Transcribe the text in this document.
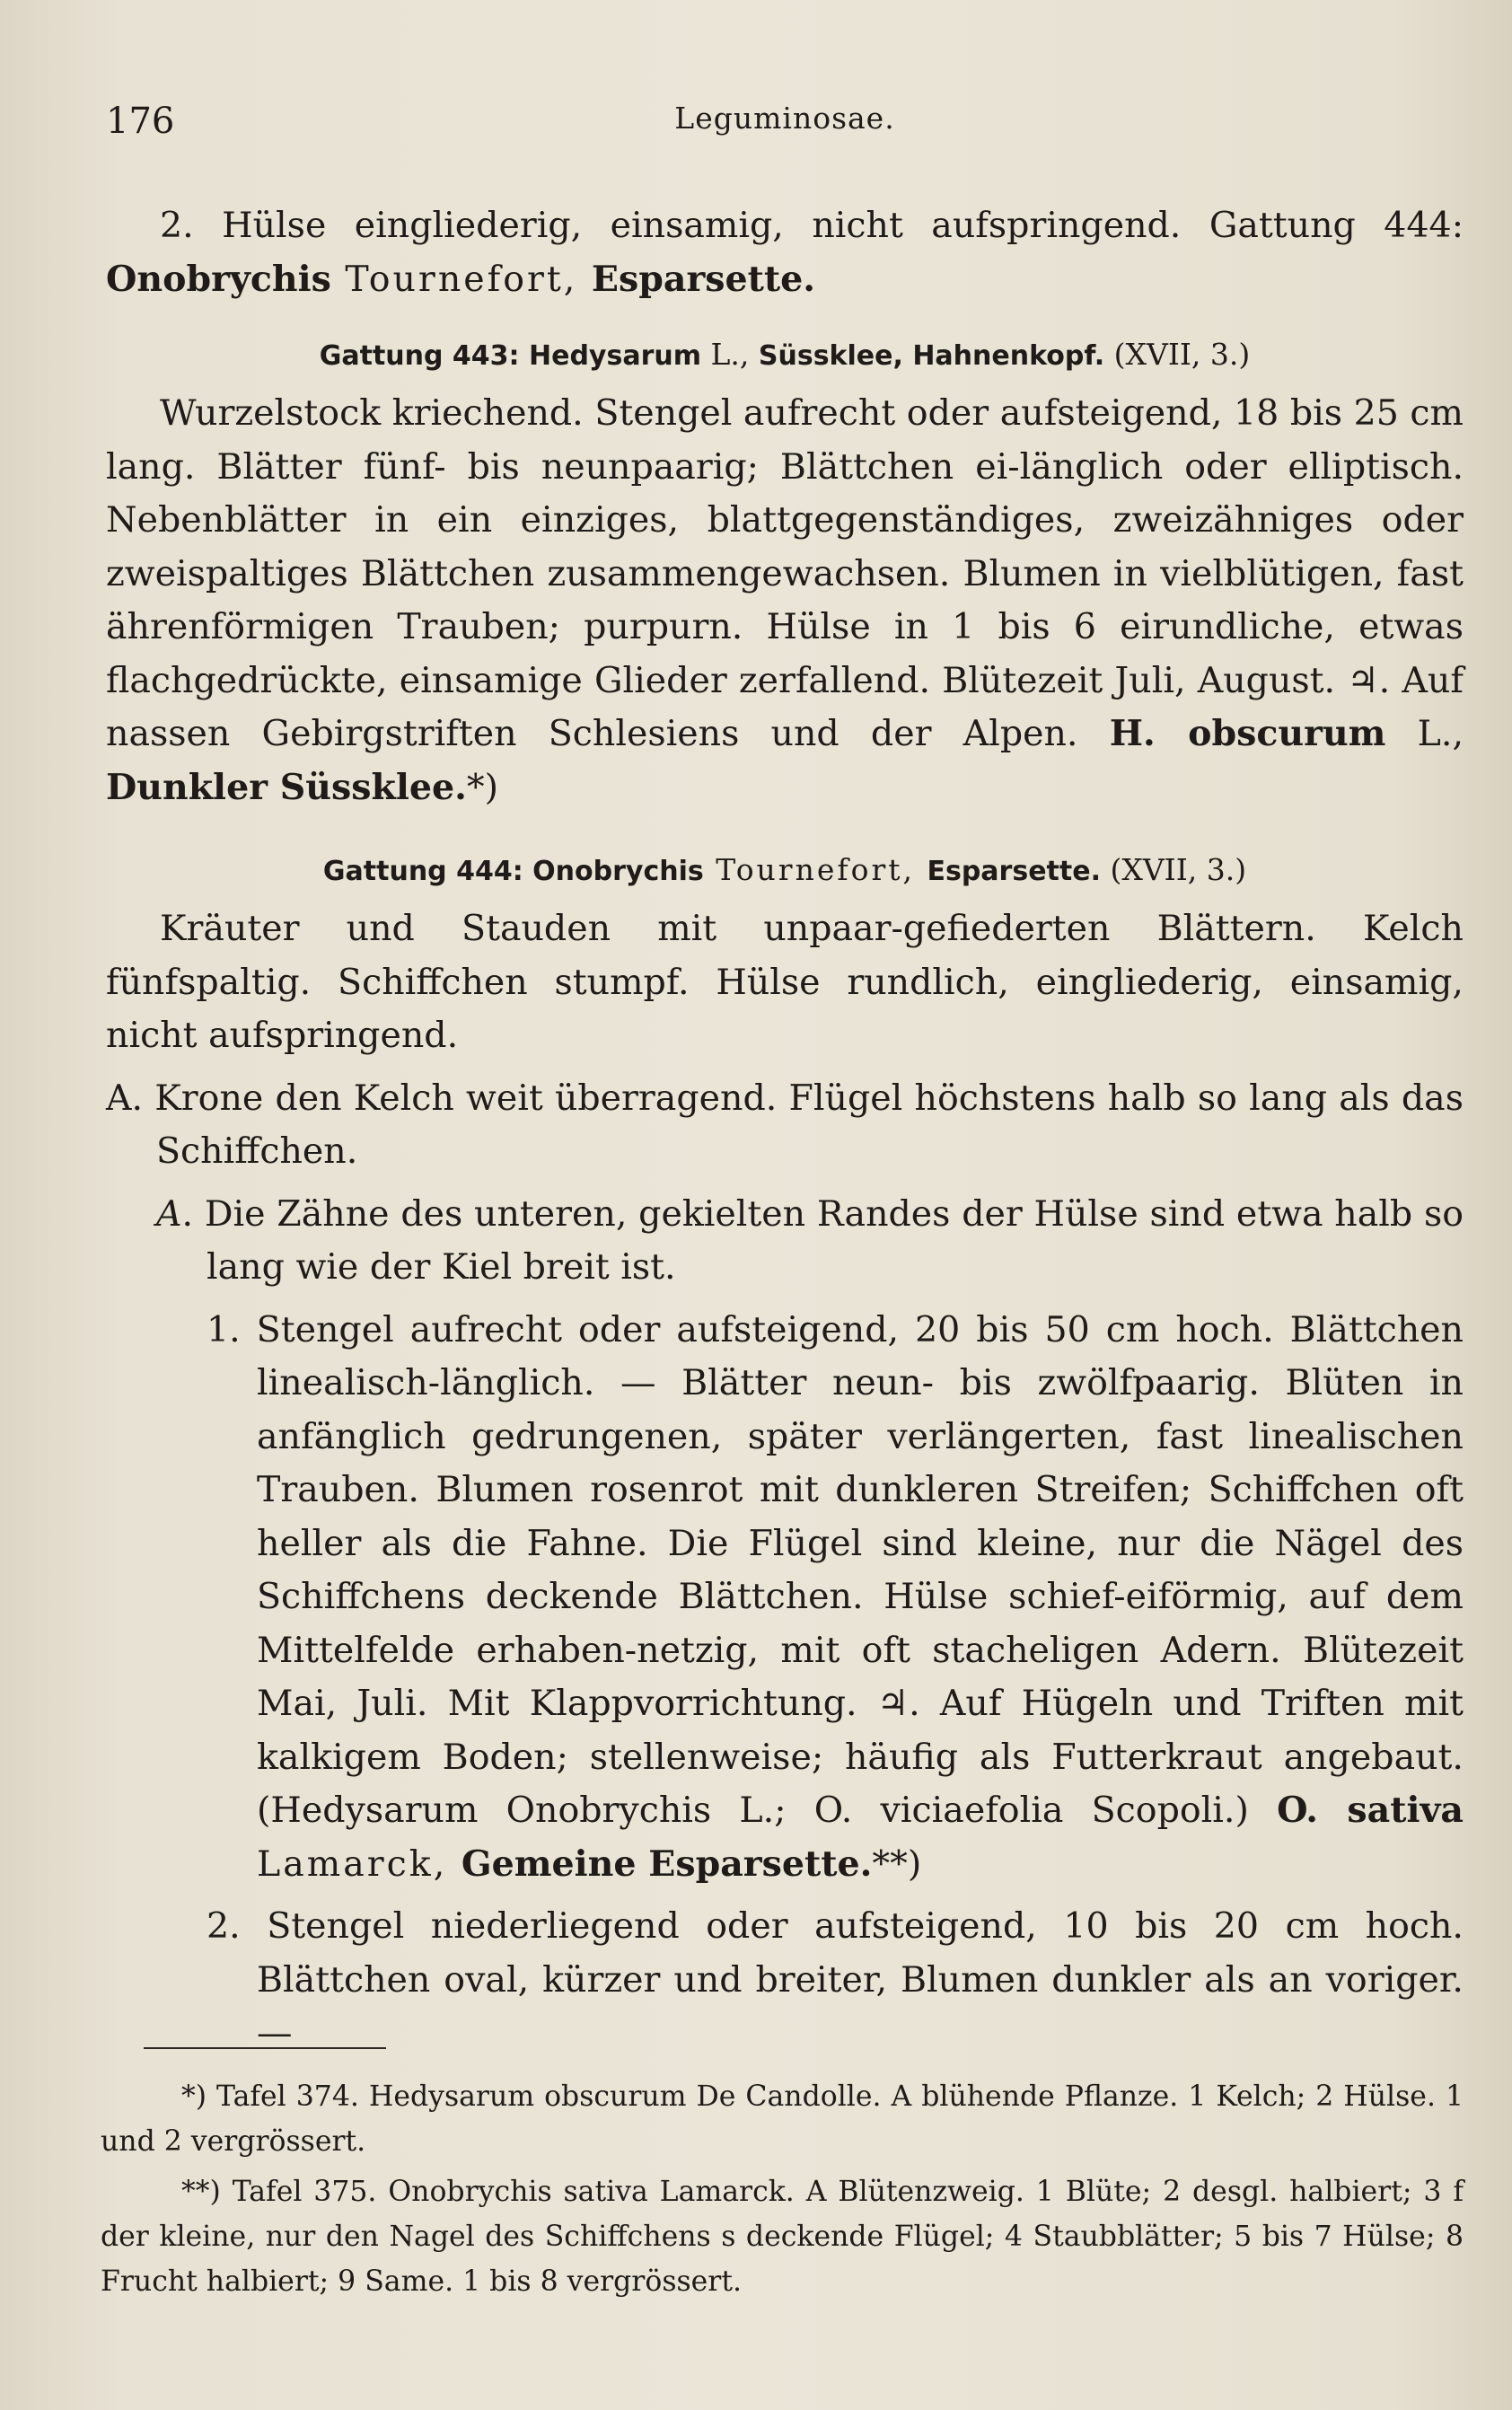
176	Leguminosae.

2. Hülse eingliederig, einsamig, nicht aufspringend. Gattung 444: Onobrychis Tournefort, Esparsette.

Gattung 443: Hedysarum L., Süssklee, Hahnenkopf. (XVII, 3.)

Wurzelstock kriechend. Stengel aufrecht oder aufsteigend, 18 bis 25 cm lang. Blätter fünf- bis neunpaarig; Blättchen ei-länglich oder elliptisch. Nebenblätter in ein einziges, blattgegenständiges, zweizähniges oder zweispaltiges Blättchen zusammengewachsen. Blumen in vielblütigen, fast ährenförmigen Trauben; purpurn. Hülse in 1 bis 6 eirundliche, etwas flachgedrückte, einsamige Glieder zerfallend. Blütezeit Juli, August. ♃. Auf nassen Gebirgstriften Schlesiens und der Alpen. H. obscurum L., Dunkler Süssklee.*)

Gattung 444: Onobrychis Tournefort, Esparsette. (XVII, 3.)

Kräuter und Stauden mit unpaar-gefiederten Blättern. Kelch fünfspaltig. Schiffchen stumpf. Hülse rundlich, eingliederig, einsamig, nicht aufspringend.

A. Krone den Kelch weit überragend. Flügel höchstens halb so lang als das Schiffchen.

𝐴. Die Zähne des unteren, gekielten Randes der Hülse sind etwa halb so lang wie der Kiel breit ist.

1. Stengel aufrecht oder aufsteigend, 20 bis 50 cm hoch. Blättchen linealisch-länglich. — Blätter neun- bis zwölfpaarig. Blüten in anfänglich gedrungenen, später verlängerten, fast linealischen Trauben. Blumen rosenrot mit dunkleren Streifen; Schiffchen oft heller als die Fahne. Die Flügel sind kleine, nur die Nägel des Schiffchens deckende Blättchen. Hülse schief-eiförmig, auf dem Mittelfelde erhaben-netzig, mit oft stacheligen Adern. Blütezeit Mai, Juli. Mit Klappvorrichtung. ♃. Auf Hügeln und Triften mit kalkigem Boden; stellenweise; häufig als Futterkraut angebaut. (Hedysarum Onobrychis L.; O. viciaefolia Scopoli.) O. sativa Lamarck, Gemeine Esparsette.**)

2. Stengel niederliegend oder aufsteigend, 10 bis 20 cm hoch. Blättchen oval, kürzer und breiter, Blumen dunkler als an voriger. —

*) Tafel 374. Hedysarum obscurum De Candolle. A blühende Pflanze. 1 Kelch; 2 Hülse. 1 und 2 vergrössert.

**) Tafel 375. Onobrychis sativa Lamarck. A Blütenzweig. 1 Blüte; 2 desgl. halbiert; 3 f der kleine, nur den Nagel des Schiffchens s deckende Flügel; 4 Staubblätter; 5 bis 7 Hülse; 8 Frucht halbiert; 9 Same. 1 bis 8 vergrössert.
